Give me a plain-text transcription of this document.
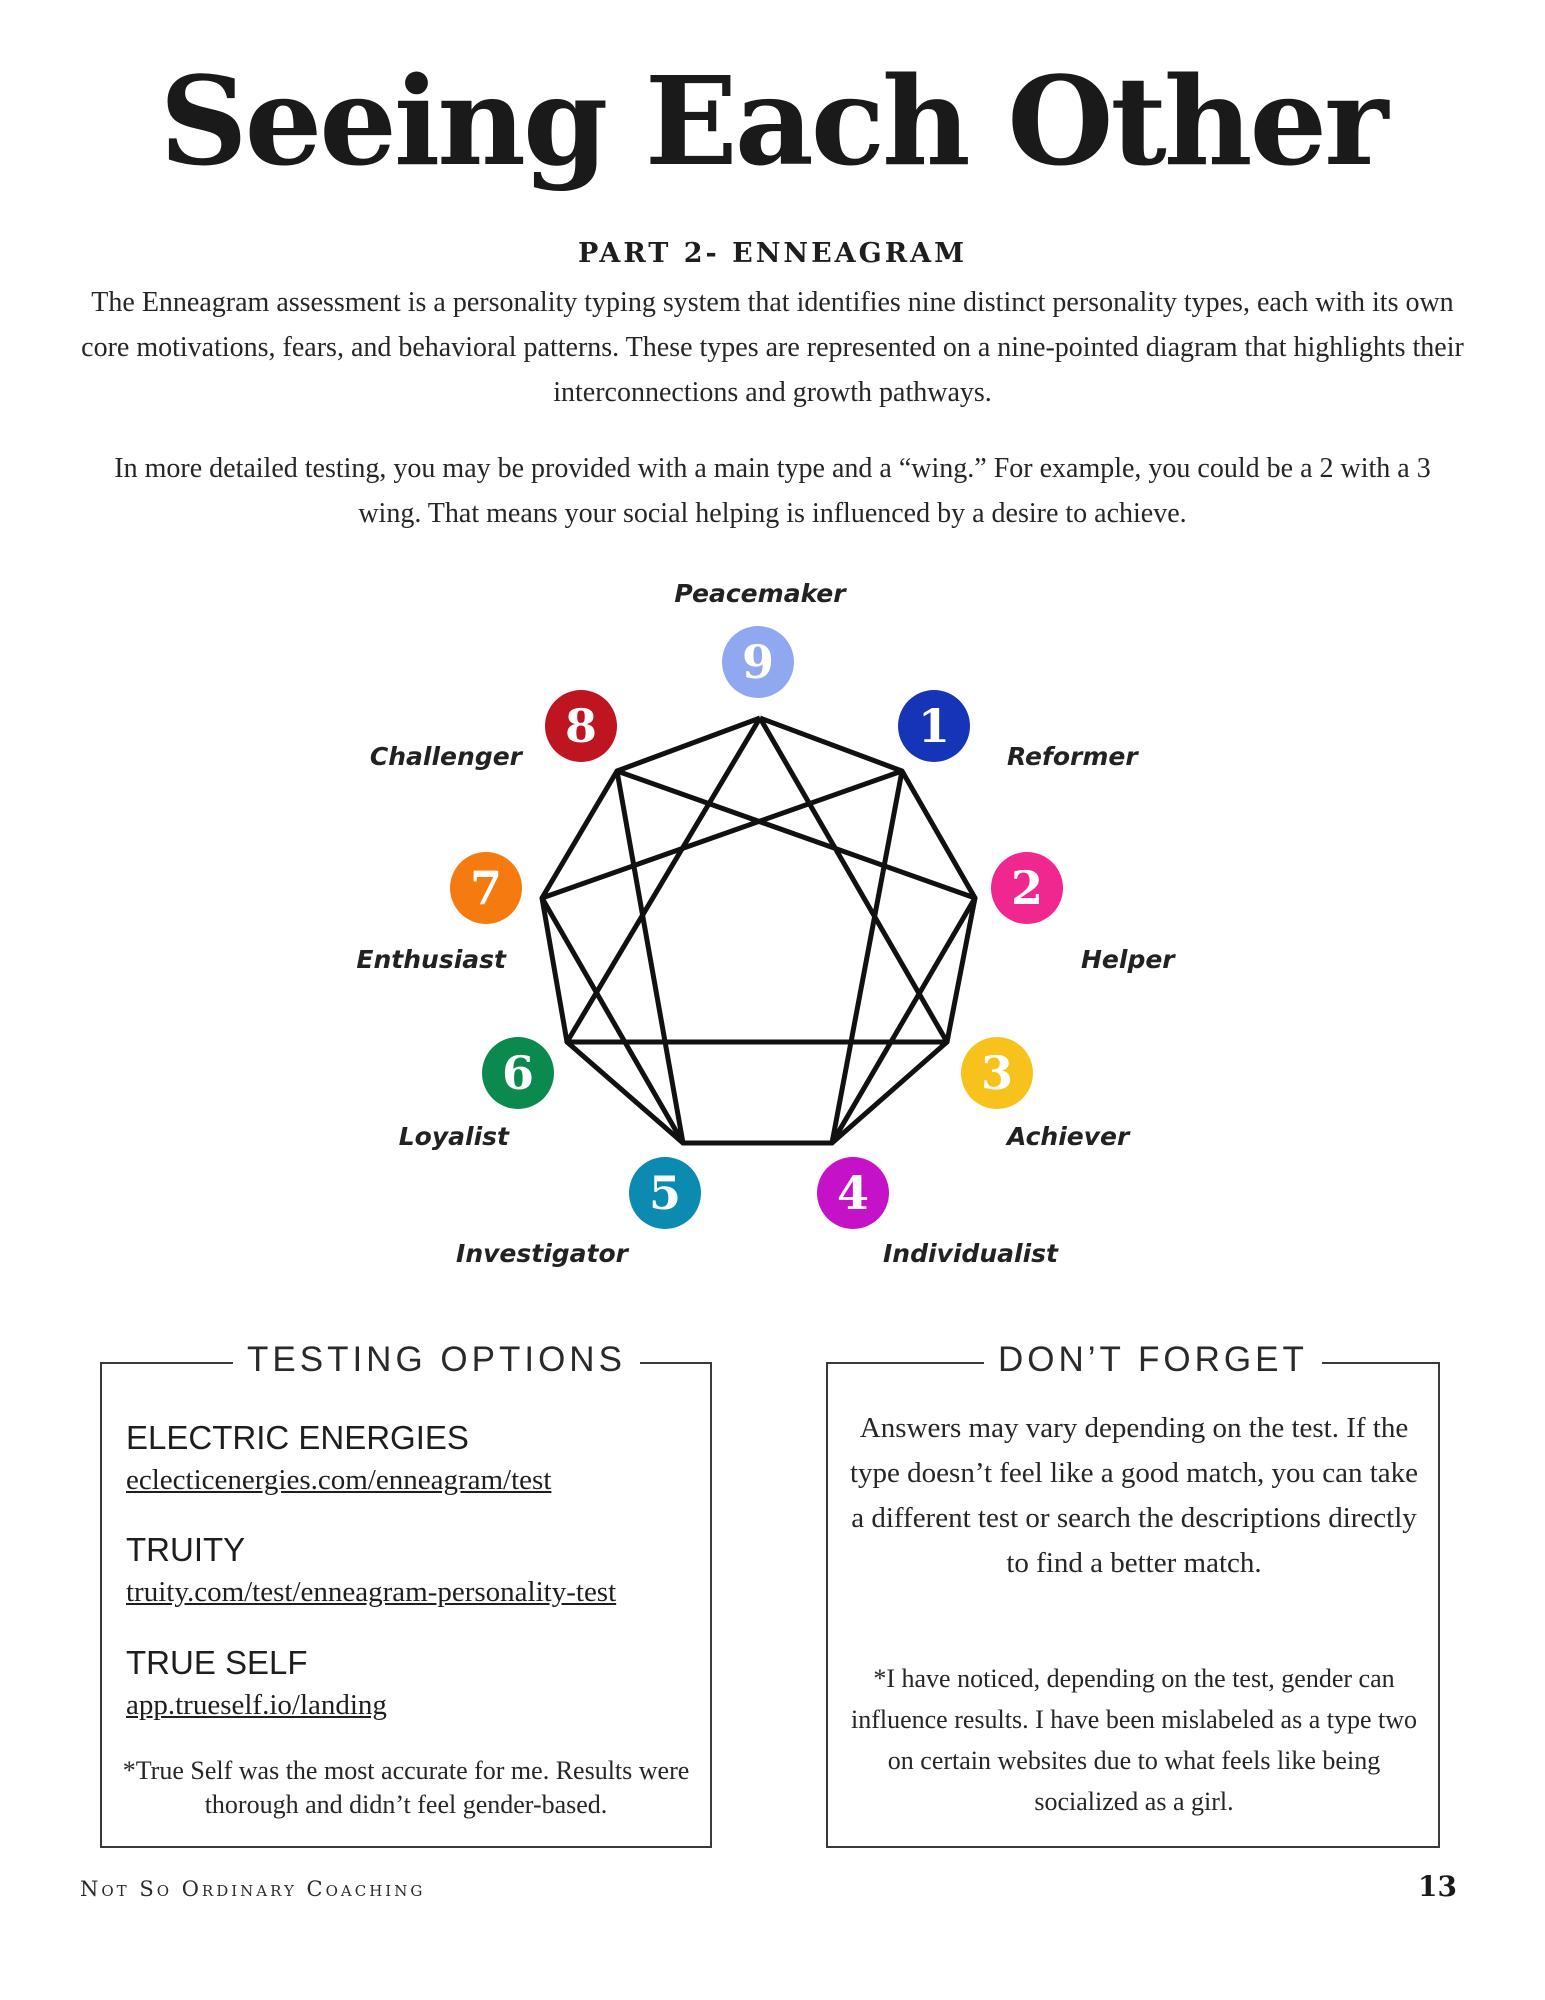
Seeing Each Other
PART 2- ENNEAGRAM

The Enneagram assessment is a personality typing system that identifies nine distinct personality types, each with its own core motivations, fears, and behavioral patterns. These types are represented on a nine-pointed diagram that highlights their interconnections and growth pathways.

In more detailed testing, you may be provided with a main type and a “wing.” For example, you could be a 2 with a 3 wing. That means your social helping is influenced by a desire to achieve.

9
1
2
3
4
5
6
7
8
Peacemaker
Reformer
Helper
Achiever
Individualist
Investigator
Loyalist
Enthusiast
Challenger
TESTING OPTIONS
ELECTRIC ENERGIES
eclecticenergies.com/enneagram/test
TRUITY
truity.com/test/enneagram-personality-test
TRUE SELF
app.trueself.io/landing
*True Self was the most accurate for me. Results were thorough and didn’t feel gender-based.
DON’T FORGET

Answers may vary depending on the test. If the type doesn’t feel like a good match, you can take a different test or search the descriptions directly to find a better match.

*I have noticed, depending on the test, gender can influence results. I have been mislabeled as a type two on certain websites due to what feels like being socialized as a girl.

Not So Ordinary Coaching	13
